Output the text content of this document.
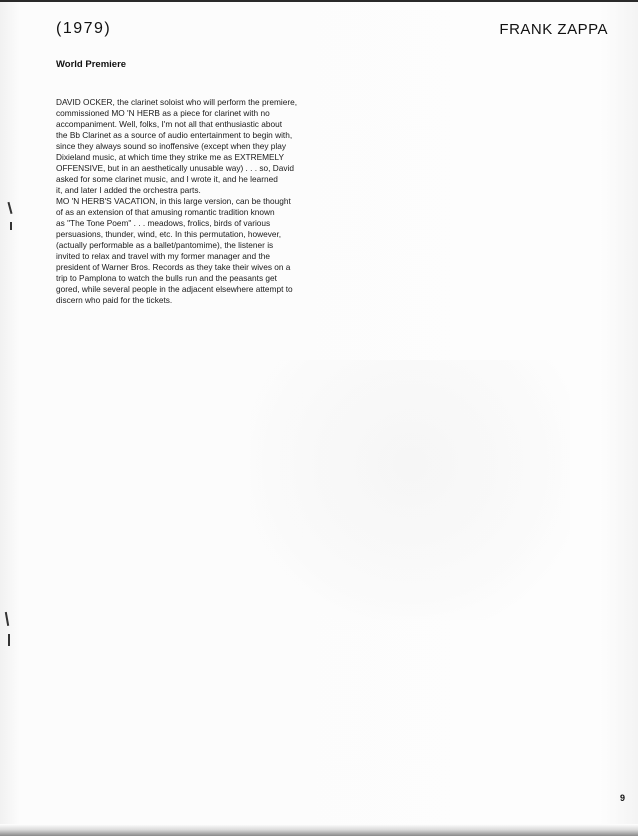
(1979)	FRANK ZAPPA
World Premiere

DAVID OCKER, the clarinet soloist who will perform the premiere,
commissioned MO 'N HERB as a piece for clarinet with no
accompaniment. Well, folks, I'm not all that enthusiastic about
the Bb Clarinet as a source of audio entertainment to begin with,
since they always sound so inoffensive (except when they play
Dixieland music, at which time they strike me as EXTREMELY
OFFENSIVE, but in an aesthetically unusable way) . . . so, David
asked for some clarinet music, and I wrote it, and he learned
it, and later I added the orchestra parts.

MO 'N HERB'S VACATION, in this large version, can be thought
of as an extension of that amusing romantic tradition known
as "The Tone Poem" . . . meadows, frolics, birds of various
persuasions, thunder, wind, etc. In this permutation, however,
(actually performable as a ballet/pantomime), the listener is
invited to relax and travel with my former manager and the
president of Warner Bros. Records as they take their wives on a
trip to Pamplona to watch the bulls run and the peasants get
gored, while several people in the adjacent elsewhere attempt to
discern who paid for the tickets.

9
